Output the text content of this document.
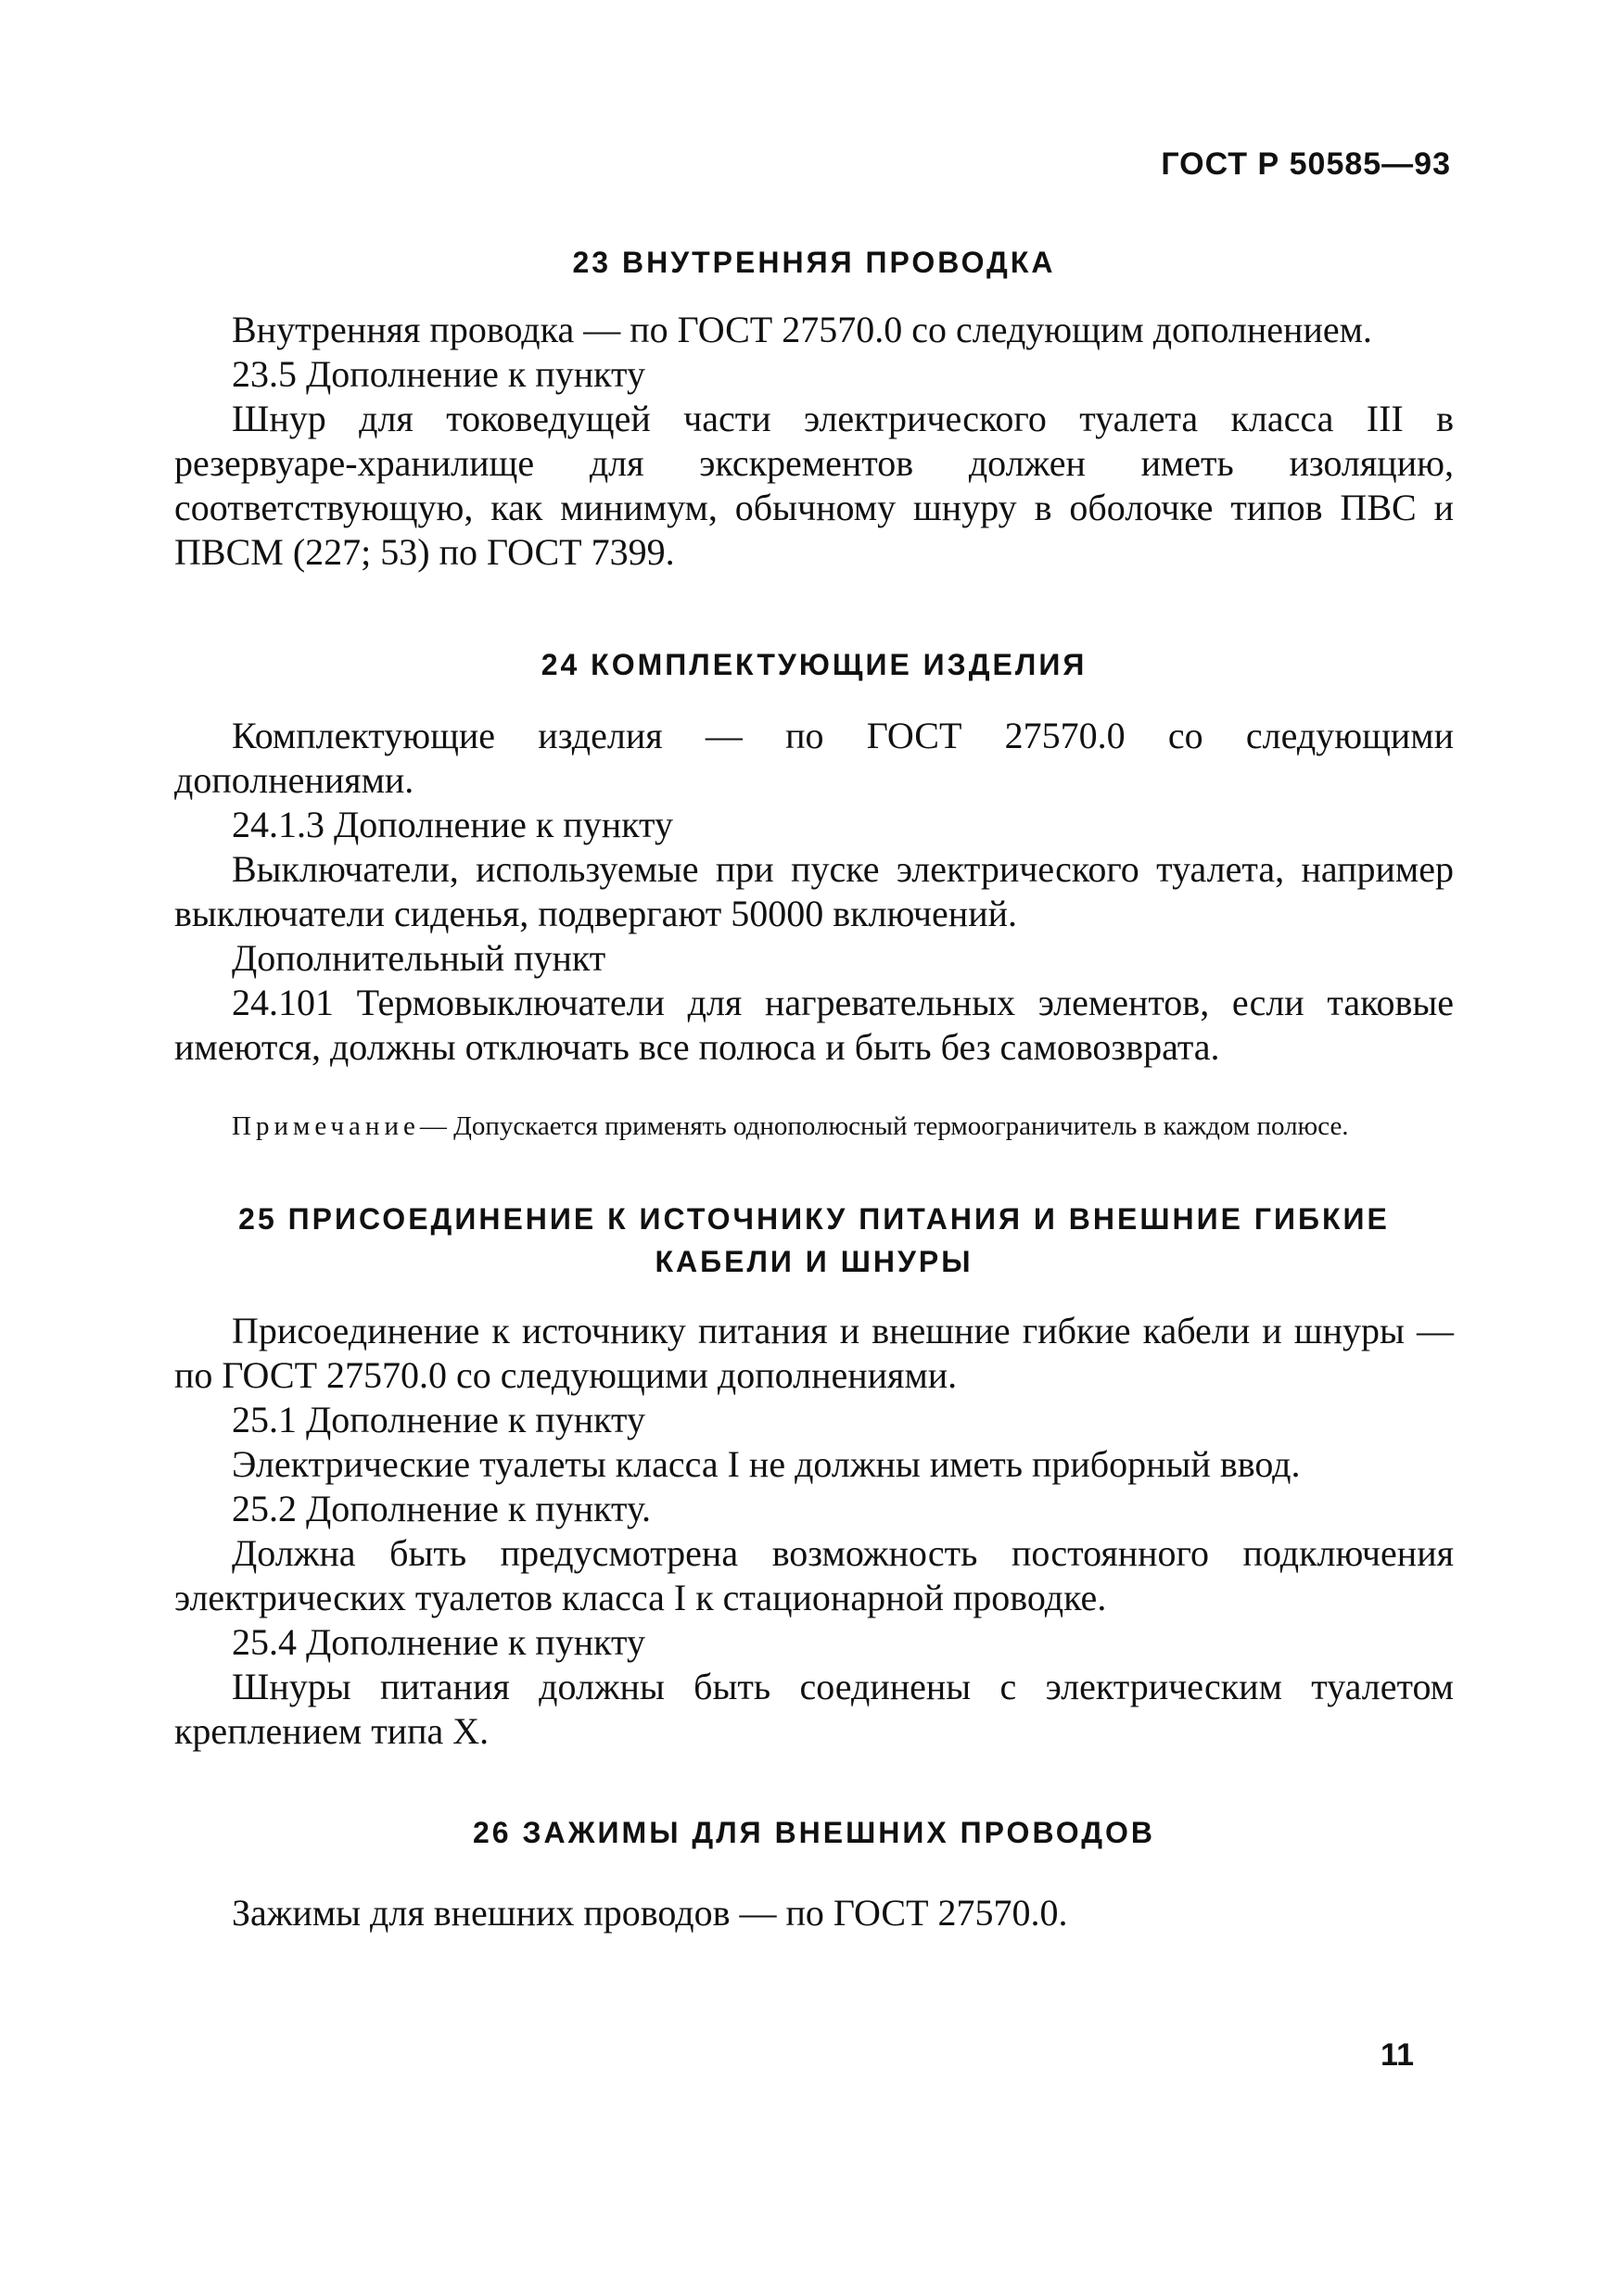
ГОСТ Р 50585—93
23 ВНУТРЕННЯЯ ПРОВОДКА

Внутренняя проводка — по ГОСТ 27570.0 со следующим дополнением.

23.5 Дополнение к пункту

Шнур для токоведущей части электрического туалета класса III в резервуаре-хранилище для экскрементов должен иметь изоляцию, соответствующую, как минимум, обычному шнуру в оболочке типов ПВС и ПВСМ (227; 53) по ГОСТ 7399.

24 КОМПЛЕКТУЮЩИЕ ИЗДЕЛИЯ

Комплектующие изделия — по ГОСТ 27570.0 со следующими дополнениями.

24.1.3 Дополнение к пункту

Выключатели, используемые при пуске электрического туалета, например выключатели сиденья, подвергают 50000 включений.

Дополнительный пункт

24.101 Термовыключатели для нагревательных элементов, если таковые имеются, должны отключать все полюса и быть без самовозврата.

Примечание— Допускается применять однополюсный термоограничитель в каждом полюсе.

25 ПРИСОЕДИНЕНИЕ К ИСТОЧНИКУ ПИТАНИЯ И ВНЕШНИЕ ГИБКИЕ КАБЕЛИ И ШНУРЫ

Присоединение к источнику питания и внешние гибкие кабели и шнуры — по ГОСТ 27570.0 со следующими дополнениями.

25.1 Дополнение к пункту

Электрические туалеты класса I не должны иметь приборный ввод.

25.2 Дополнение к пункту.

Должна быть предусмотрена возможность постоянного подключения электрических туалетов класса I к стационарной проводке.

25.4 Дополнение к пункту

Шнуры питания должны быть соединены с электрическим туалетом креплением типа X.

26 ЗАЖИМЫ ДЛЯ ВНЕШНИХ ПРОВОДОВ

Зажимы для внешних проводов — по ГОСТ 27570.0.

11
